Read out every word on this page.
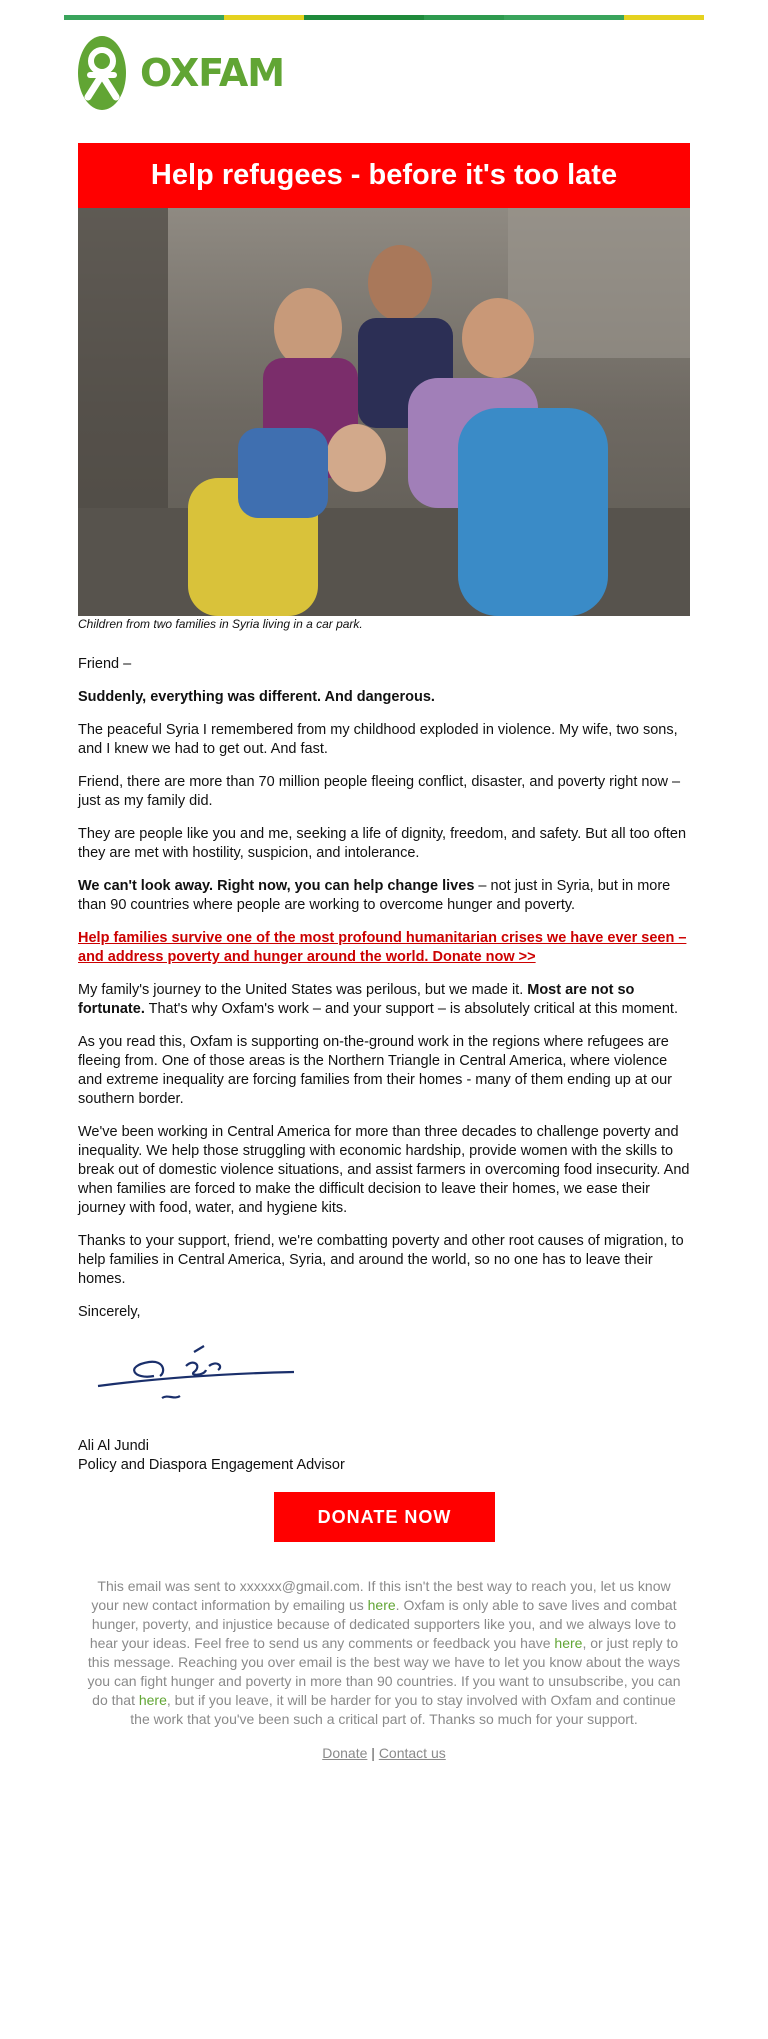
OXFAM
Help refugees - before it's too late
Children from two families in Syria living in a car park.

Friend –

Suddenly, everything was different. And dangerous.

The peaceful Syria I remembered from my childhood exploded in violence. My wife, two sons, and I knew we had to get out. And fast.

Friend, there are more than 70 million people fleeing conflict, disaster, and poverty right now – just as my family did.

They are people like you and me, seeking a life of dignity, freedom, and safety. But all too often they are met with hostility, suspicion, and intolerance.

We can't look away. Right now, you can help change lives – not just in Syria, but in more than 90 countries where people are working to overcome hunger and poverty.

Help families survive one of the most profound humanitarian crises we have ever seen – and address poverty and hunger around the world. Donate now >>

My family's journey to the United States was perilous, but we made it. Most are not so fortunate. That's why Oxfam's work – and your support – is absolutely critical at this moment.

As you read this, Oxfam is supporting on-the-ground work in the regions where refugees are fleeing from. One of those areas is the Northern Triangle in Central America, where violence and extreme inequality are forcing families from their homes - many of them ending up at our southern border.

We've been working in Central America for more than three decades to challenge poverty and inequality. We help those struggling with economic hardship, provide women with the skills to break out of domestic violence situations, and assist farmers in overcoming food insecurity. And when families are forced to make the difficult decision to leave their homes, we ease their journey with food, water, and hygiene kits.

Thanks to your support, friend, we're combatting poverty and other root causes of migration, to help families in Central America, Syria, and around the world, so no one has to leave their homes.

Sincerely,

Ali Al Jundi
Policy and Diaspora Engagement Advisor
DONATE NOW
This email was sent to xxxxxx@gmail.com. If this isn't the best way to reach you, let us know your new contact information by emailing us here. Oxfam is only able to save lives and combat hunger, poverty, and injustice because of dedicated supporters like you, and we always love to hear your ideas. Feel free to send us any comments or feedback you have here, or just reply to this message. Reaching you over email is the best way we have to let you know about the ways you can fight hunger and poverty in more than 90 countries. If you want to unsubscribe, you can do that here, but if you leave, it will be harder for you to stay involved with Oxfam and continue the work that you've been such a critical part of. Thanks so much for your support.
Donate | Contact us
